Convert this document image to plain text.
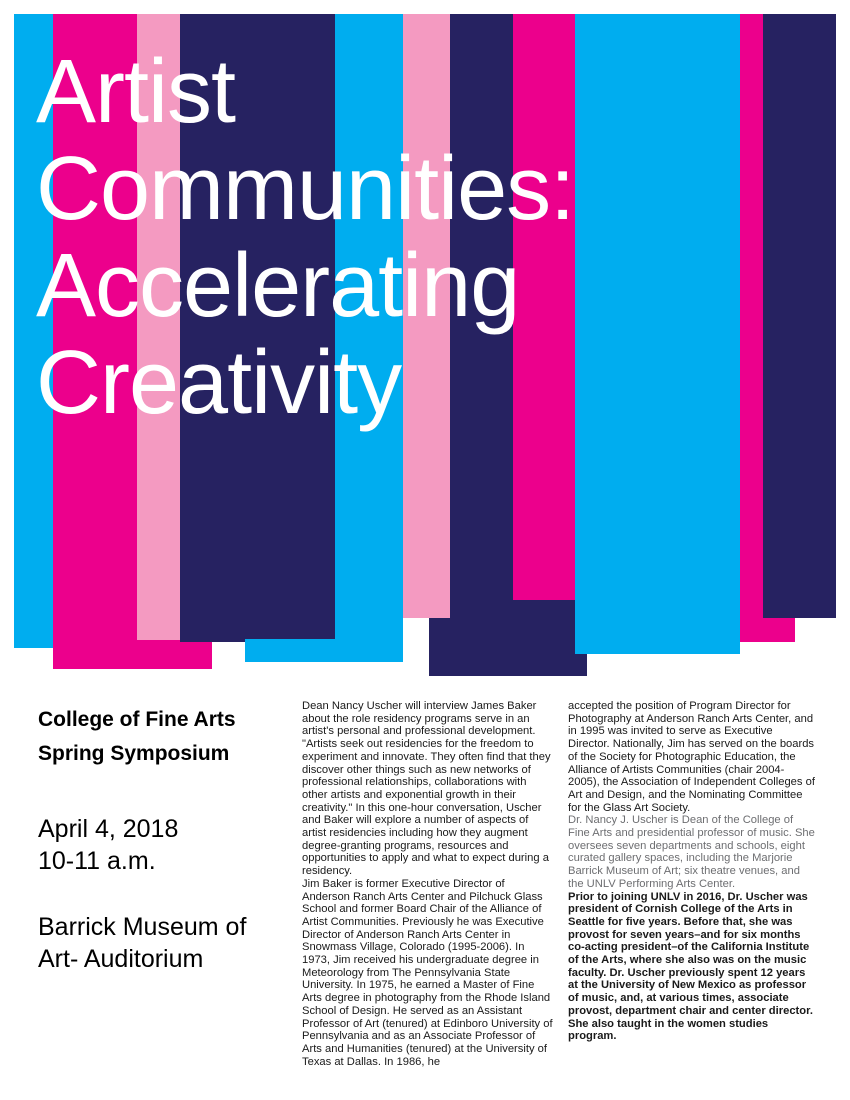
Artist
Communities:
Accelerating
Creativity
College of Fine Arts
Spring Symposium
April 4, 2018
10-11 a.m.
Barrick Museum of
Art- Auditorium

Dean Nancy Uscher will interview James Baker about the role residency programs serve in an artist's personal and professional development. "Artists seek out residencies for the freedom to experiment and innovate. They often find that they discover other things such as new networks of professional relationships, collaborations with other artists and exponential growth in their creativity." In this one-hour conversation, Uscher and Baker will explore a number of aspects of artist residencies including how they augment degree-granting programs, resources and opportunities to apply and what to expect during a residency.

Jim Baker is former Executive Director of Anderson Ranch Arts Center and Pilchuck Glass School and former Board Chair of the Alliance of Artist Communities. Previously he was Executive Director of Anderson Ranch Arts Center in Snowmass Village, Colorado (1995-2006). In 1973, Jim received his undergraduate degree in Meteorology from The Pennsylvania State University. In 1975, he earned a Master of Fine Arts degree in photography from the Rhode Island School of Design. He served as an Assistant Professor of Art (tenured) at Edinboro University of Pennsylvania and as an Associate Professor of Arts and Humanities (tenured) at the University of Texas at Dallas. In 1986, he

accepted the position of Program Director for Photography at Anderson Ranch Arts Center, and in 1995 was invited to serve as Executive Director. Nationally, Jim has served on the boards of the Society for Photographic Education, the Alliance of Artists Communities (chair 2004-2005), the Association of Independent Colleges of Art and Design, and the Nominating Committee for the Glass Art Society.

Dr. Nancy J. Uscher is Dean of the College of Fine Arts and presidential professor of music. She oversees seven departments and schools, eight curated gallery spaces, including the Marjorie Barrick Museum of Art; six theatre venues, and the UNLV Performing Arts Center.

Prior to joining UNLV in 2016, Dr. Uscher was president of Cornish College of the Arts in Seattle for five years. Before that, she was provost for seven years–and for six months co-acting president–of the California Institute of the Arts, where she also was on the music faculty. Dr. Uscher previously spent 12 years at the University of New Mexico as professor of music, and, at various times, associate provost, department chair and center director. She also taught in the women studies program.
